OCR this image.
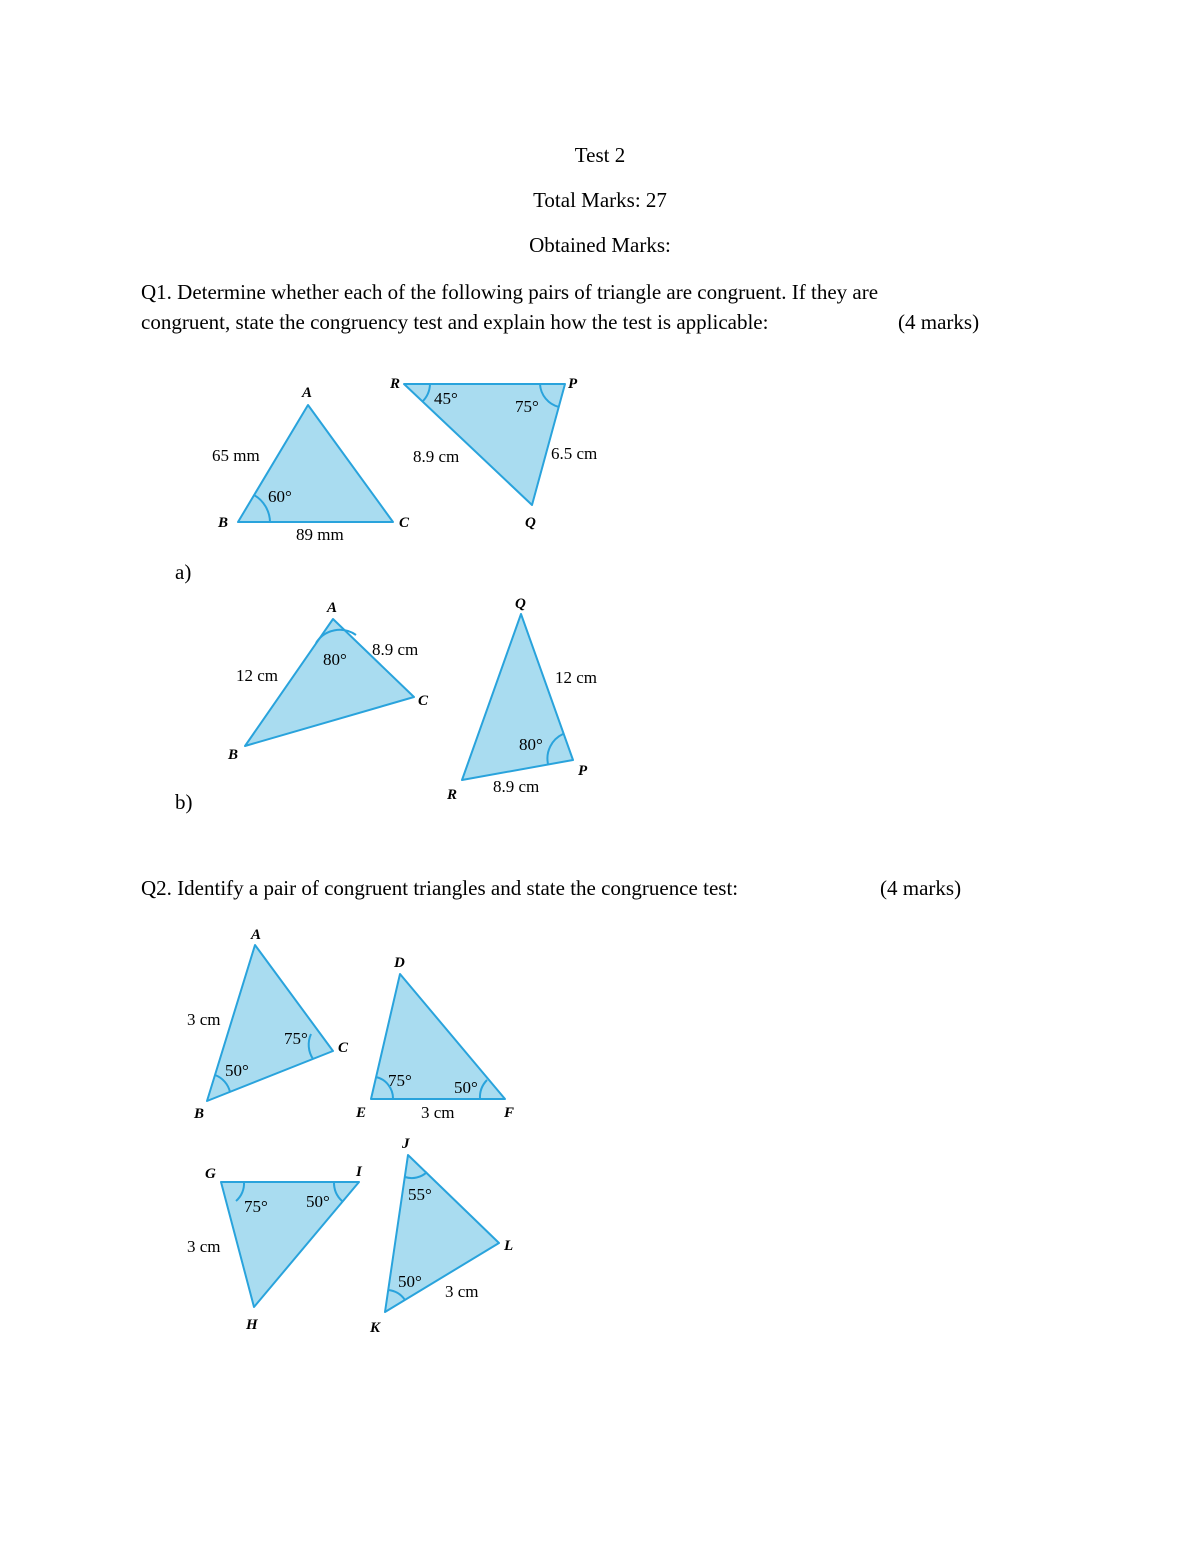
Test 2
Total Marks: 27
Obtained Marks:
Q1. Determine whether each of the following pairs of triangle are congruent. If they are
congruent, state the congruency test and explain how the test is applicable:	(4 marks)
a)
b)
A
B	C
65 mm
60°
89 mm
R	P
Q
45°	75°
8.9 cm	6.5 cm
A
B
C
12 cm
80°
8.9 cm
Q
R
P
12 cm
80°
8.9 cm
Q2. Identify a pair of congruent triangles and state the congruence test:	(4 marks)
A
B
C
3 cm
75°
50°
D
E	F
75° 50°
3 cm
G	I
H
75° 50°
3 cm
J
K
L
55°
50°
3 cm
